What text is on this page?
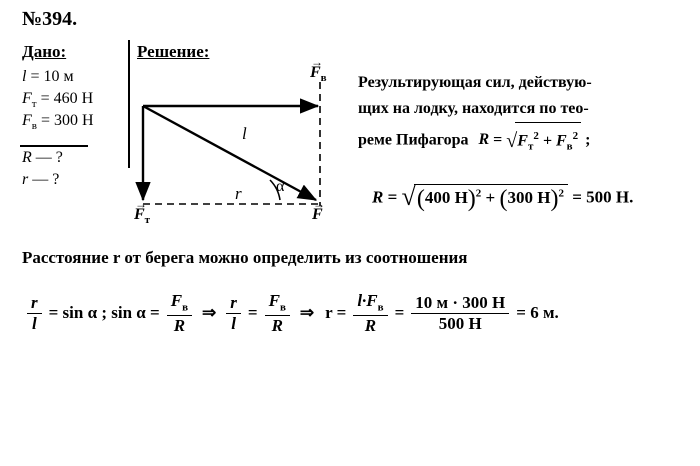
№394.
Дано:	Решение:
l = 10 м
$F_т = 460$ Н
$F_в = 300$ Н
R — ?
r — ?
→
$F_в$
→
$F_т$
→
F
l
r α
Результирующая сил, действую-
щих на лодку, находится по тео-
реме Пифагора $R = √F_т^2 + F_в^2$ ;
R = √(400 Н)$^2$ + (300 Н)$^2$ = 500 Н.
Расстояние r от берега можно определить из соотношения
$\frac{r}{l} = \sin \alpha$ ; $\sin \alpha = \frac{F_в}{R}$ ⇒ $\frac{r}{l} = \frac{F_в}{R}$ ⇒ $r = \frac{l\cdot F_в}{R} = \frac{10 м \cdot 300 Н}{500 Н} = 6$ м.
